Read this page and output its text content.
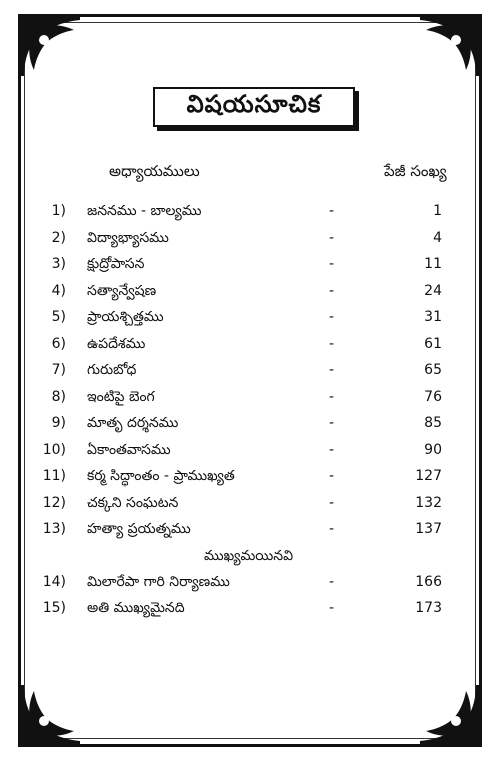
విషయసూచిక
అధ్యాయములు	పేజీ సంఖ్య
1) జననము - బాల్యము	-	1
2) విద్యాభ్యాసము	-	4
3) క్షుద్రోపాసన	-	11
4) సత్యాన్వేషణ	-	24
5) ప్రాయశ్చిత్తము	-	31
6) ఉపదేశము	-	61
7) గురుబోధ	-	65
8) ఇంటిపై బెంగ	-	76
9) మాతృ దర్శనము	-	85
10) ఏకాంతవాసము	-	90
11) కర్మ సిద్ధాంతం - ప్రాముఖ్యత	-	127
12) చక్కని సంఘటన	-	132
13) హత్యా ప్రయత్నము	-	137
ముఖ్యమయినవి
14) మిలారేపా గారి నిర్యాణము	-	166
15) అతి ముఖ్యమైనది	-	173
